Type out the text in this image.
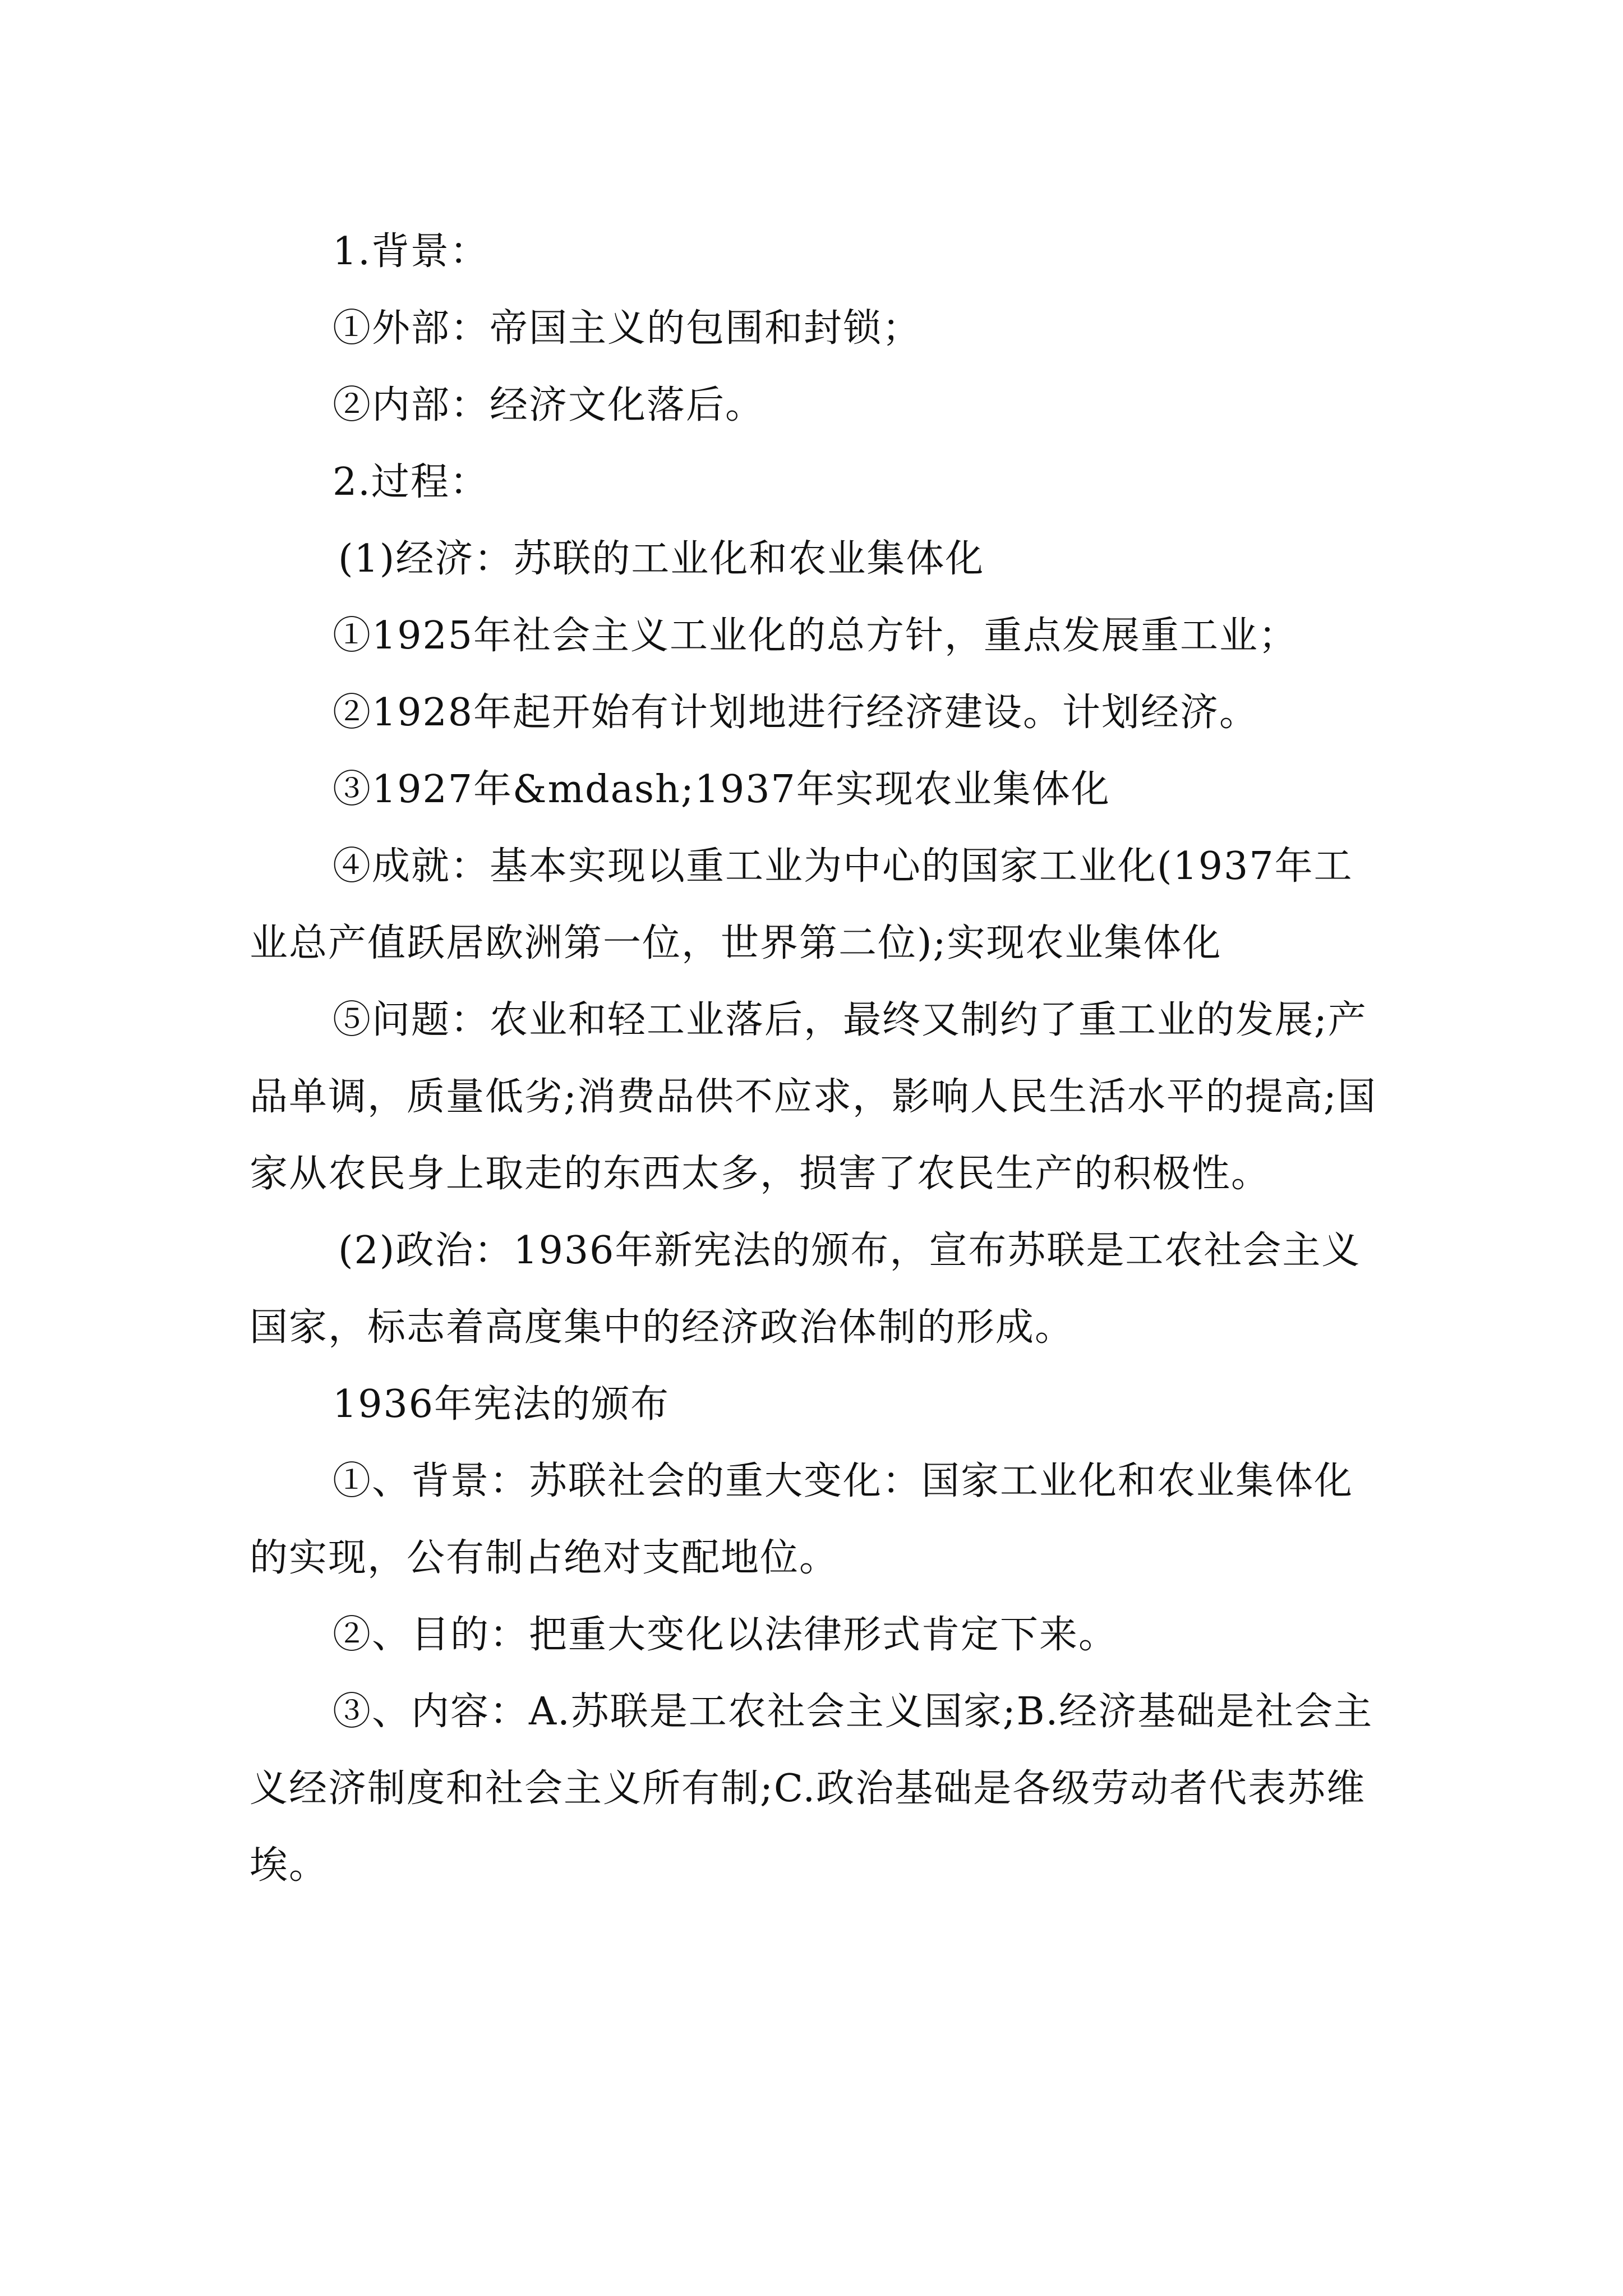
1.背景：

①外部：帝国主义的包围和封锁；

②内部：经济文化落后。

2.过程：

(1)经济：苏联的工业化和农业集体化

①1925年社会主义工业化的总方针，重点发展重工业；

②1928年起开始有计划地进行经济建设。计划经济。

③1927年&mdash;1937年实现农业集体化

④成就：基本实现以重工业为中心的国家工业化(1937年工业总产值跃居欧洲第一位，世界第二位);实现农业集体化

⑤问题：农业和轻工业落后，最终又制约了重工业的发展;产品单调，质量低劣;消费品供不应求，影响人民生活水平的提高;国家从农民身上取走的东西太多，损害了农民生产的积极性。

(2)政治：1936年新宪法的颁布，宣布苏联是工农社会主义国家，标志着高度集中的经济政治体制的形成。

1936年宪法的颁布

①、背景：苏联社会的重大变化：国家工业化和农业集体化的实现，公有制占绝对支配地位。

②、目的：把重大变化以法律形式肯定下来。

③、内容：A.苏联是工农社会主义国家;B.经济基础是社会主义经济制度和社会主义所有制;C.政治基础是各级劳动者代表苏维埃。
